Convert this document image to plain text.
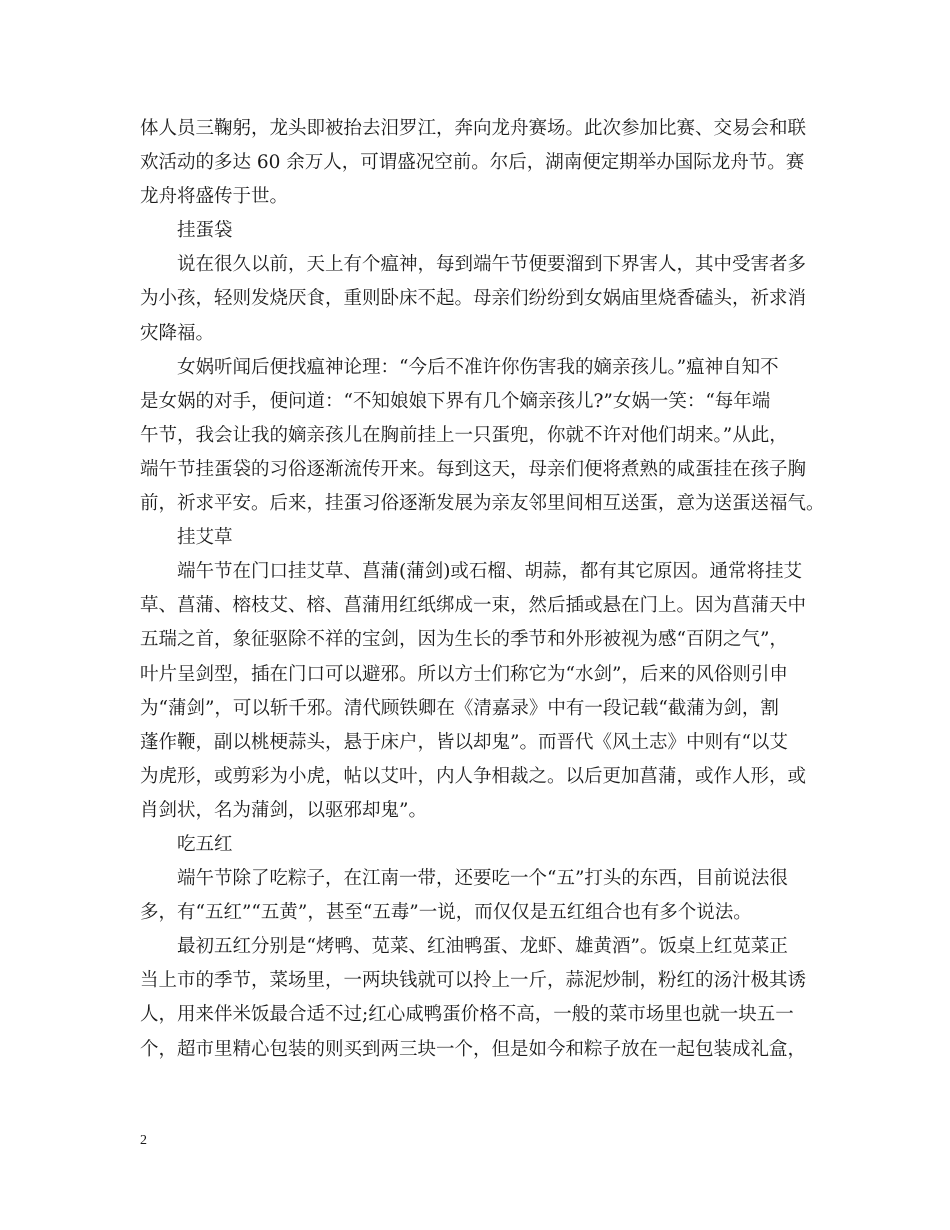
体人员三鞠躬，龙头即被抬去汨罗江，奔向龙舟赛场。此次参加比赛、交易会和联
欢活动的多达 60 余万人，可谓盛况空前。尔后，湖南便定期举办国际龙舟节。赛
龙舟将盛传于世。
挂蛋袋
说在很久以前，天上有个瘟神，每到端午节便要溜到下界害人，其中受害者多
为小孩，轻则发烧厌食，重则卧床不起。母亲们纷纷到女娲庙里烧香磕头，祈求消
灾降福。
女娲听闻后便找瘟神论理：“今后不准许你伤害我的嫡亲孩儿。”瘟神自知不
是女娲的对手，便问道：“不知娘娘下界有几个嫡亲孩儿?”女娲一笑：“每年端
午节，我会让我的嫡亲孩儿在胸前挂上一只蛋兜，你就不许对他们胡来。”从此，
端午节挂蛋袋的习俗逐渐流传开来。每到这天，母亲们便将煮熟的咸蛋挂在孩子胸
前，祈求平安。后来，挂蛋习俗逐渐发展为亲友邻里间相互送蛋，意为送蛋送福气。
挂艾草
端午节在门口挂艾草、菖蒲(蒲剑)或石榴、胡蒜，都有其它原因。通常将挂艾
草、菖蒲、榕枝艾、榕、菖蒲用红纸绑成一束，然后插或悬在门上。因为菖蒲天中
五瑞之首，象征驱除不祥的宝剑，因为生长的季节和外形被视为感“百阴之气”，
叶片呈剑型，插在门口可以避邪。所以方士们称它为“水剑”，后来的风俗则引申
为“蒲剑”，可以斩千邪。清代顾铁卿在《清嘉录》中有一段记载“截蒲为剑，割
蓬作鞭，副以桃梗蒜头，悬于床户，皆以却鬼”。而晋代《风土志》中则有“以艾
为虎形，或剪彩为小虎，帖以艾叶，内人争相裁之。以后更加菖蒲，或作人形，或
肖剑状，名为蒲剑，以驱邪却鬼”。
吃五红
端午节除了吃粽子，在江南一带，还要吃一个“五”打头的东西，目前说法很
多，有“五红”“五黄”，甚至“五毒”一说，而仅仅是五红组合也有多个说法。
最初五红分别是“烤鸭、苋菜、红油鸭蛋、龙虾、雄黄酒”。饭桌上红苋菜正
当上市的季节，菜场里，一两块钱就可以拎上一斤，蒜泥炒制，粉红的汤汁极其诱
人，用来伴米饭最合适不过;红心咸鸭蛋价格不高，一般的菜市场里也就一块五一
个，超市里精心包装的则买到两三块一个，但是如今和粽子放在一起包装成礼盒，
2
